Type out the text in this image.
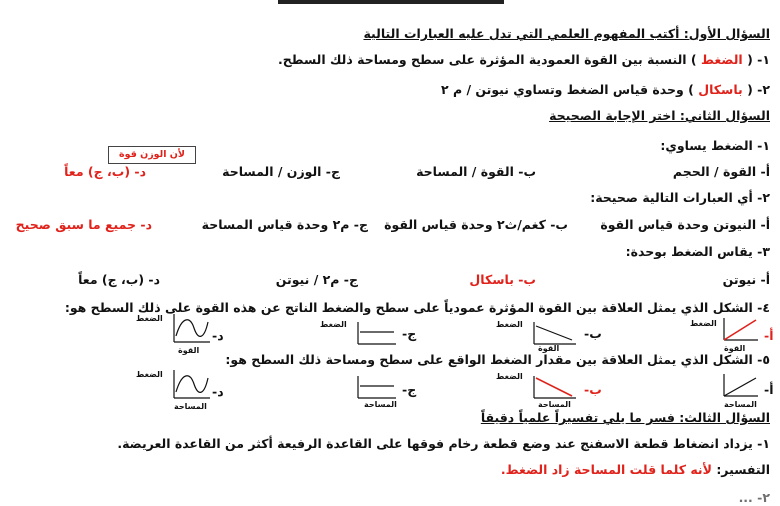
السؤال الأول: أكتب المفهوم العلمي التي تدل عليه العبارات التالية
١- ( الضغط ) النسبة بين القوة العمودية المؤثرة على سطح ومساحة ذلك السطح.
٢- ( باسكال ) وحدة قياس الضغط وتساوي نيوتن / م ٢
السؤال الثاني: اختر الإجابة الصحيحة
لأن الوزن قوة
١- الضغط يساوي:
أ- القوة / الحجم
ب- القوة / المساحة
ج- الوزن / المساحة
د- (ب، ج) معاً
٢- أي العبارات التالية صحيحة:
أ- النيوتن وحدة قياس القوة
ب- كغم/ث٢ وحدة قياس القوة
ج- م٢ وحدة قياس المساحة
د- جميع ما سبق صحيح
٣- يقاس الضغط بوحدة:
أ- نيوتن
ب- باسكال
ج- م٢ / نيوتن
د- (ب، ج) معاً
٤- الشكل الذي يمثل العلاقة بين القوة المؤثرة عمودياً على سطح والضغط الناتج عن هذه القوة على ذلك السطح هو:
٥- الشكل الذي يمثل العلاقة بين مقدار الضغط الواقع على سطح ومساحة ذلك السطح هو:
الضغط
القوة
أ-
الضغط
القوة
ب-
الضغط
ج-
الضغط
القوة
د-
المساحة
أ-
الضغط
المساحة
ب-
المساحة
ج-
الضغط
المساحة
د-
السؤال الثالث: فسر ما يلي تفسيراً علمياً دقيقاً
١- يزداد انضغاط قطعة الاسفنج عند وضع قطعة رخام فوقها على القاعدة الرفيعة أكثر من القاعدة العريضة.
التفسير: لأنه كلما قلت المساحة زاد الضغط.
٢- ...
